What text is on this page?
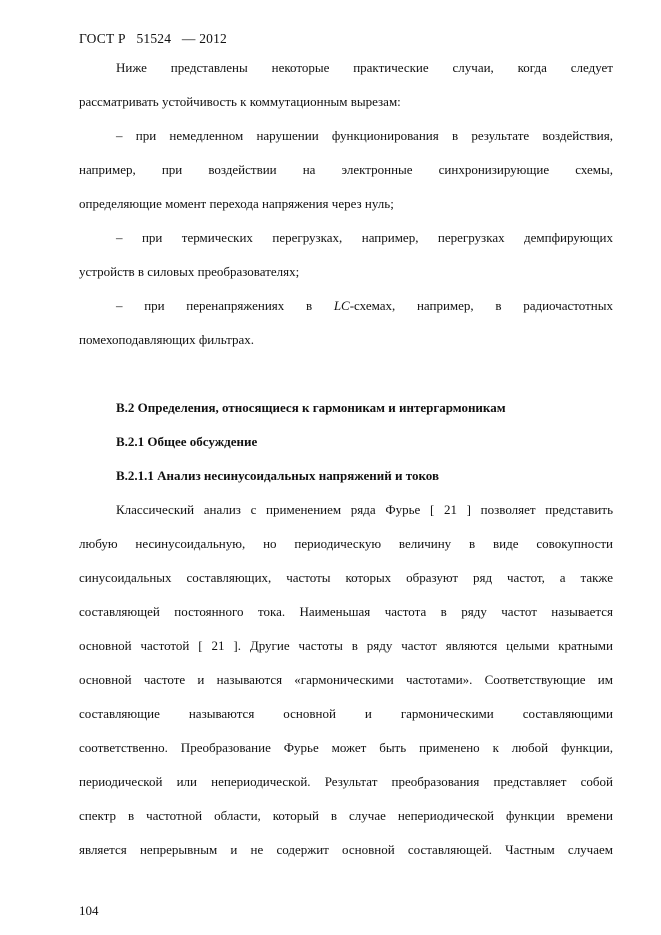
ГОСТ Р   51524   — 2012
Ниже представлены некоторые практические случаи, когда следует
рассматривать устойчивость к коммутационным вырезам:
– при немедленном нарушении функционирования в результате воздействия,
например, при воздействии на электронные синхронизирующие схемы,
определяющие момент перехода напряжения через нуль;
– при термических перегрузках, например, перегрузках демпфирующих
устройств в силовых преобразователях;
– при перенапряжениях в LC-схемах, например, в радиочастотных
помехоподавляющих фильтрах.
В.2 Определения, относящиеся к гармоникам и интергармоникам
В.2.1 Общее обсуждение
В.2.1.1 Анализ несинусоидальных напряжений и токов
Классический анализ с применением ряда Фурье [ 21 ] позволяет представить
любую несинусоидальную, но периодическую величину в виде совокупности
синусоидальных составляющих, частоты которых образуют ряд частот, а также
составляющей постоянного тока. Наименьшая частота в ряду частот называется
основной частотой [ 21 ]. Другие частоты в ряду частот являются целыми кратными
основной частоте и называются «гармоническими частотами». Соответствующие им
составляющие называются основной и гармоническими составляющими
соответственно. Преобразование Фурье может быть применено к любой функции,
периодической или непериодической. Результат преобразования представляет собой
спектр в частотной области, который в случае непериодической функции времени
является непрерывным и не содержит основной составляющей. Частным случаем
104
